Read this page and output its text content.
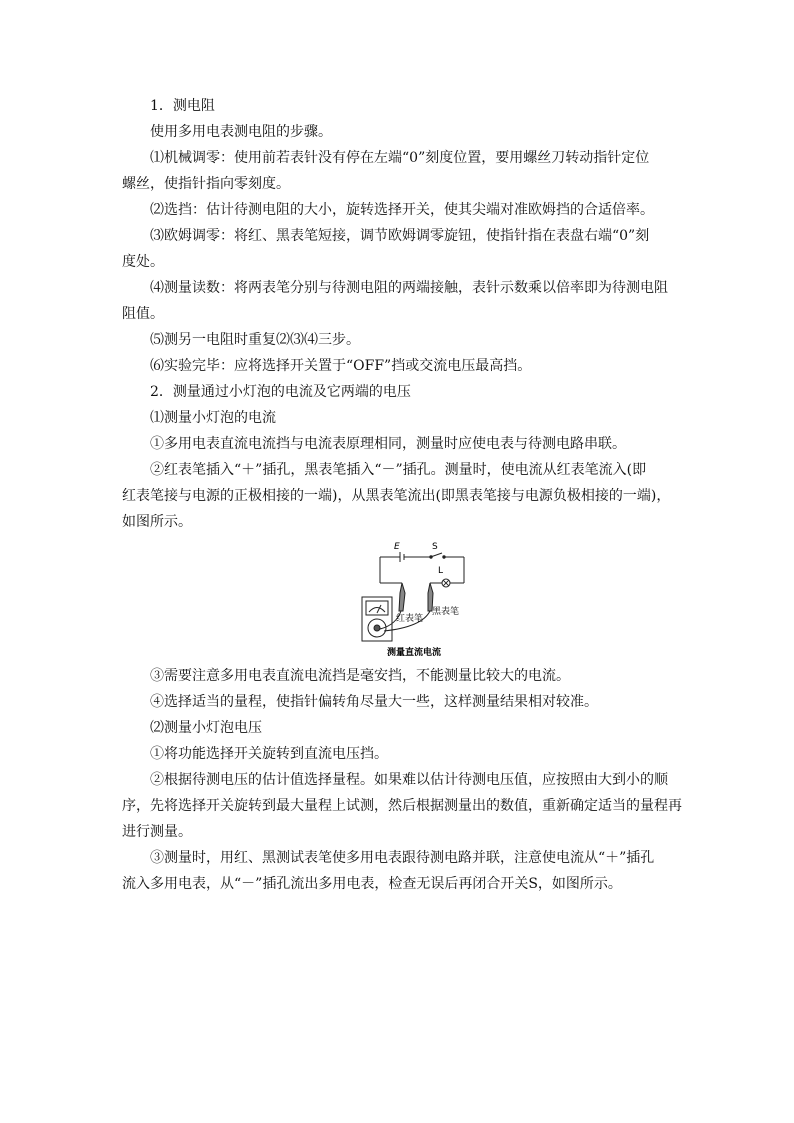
1．测电阻
使用多用电表测电阻的步骤。
⑴机械调零：使用前若表针没有停在左端“0”刻度位置，要用螺丝刀转动指针定位
螺丝，使指针指向零刻度。
⑵选挡：估计待测电阻的大小，旋转选择开关，使其尖端对准欧姆挡的合适倍率。
⑶欧姆调零：将红、黑表笔短接，调节欧姆调零旋钮，使指针指在表盘右端“0”刻
度处。
⑷测量读数：将两表笔分别与待测电阻的两端接触，表针示数乘以倍率即为待测电阻
阻值。
⑸测另一电阻时重复⑵⑶⑷三步。
⑹实验完毕：应将选择开关置于“OFF”挡或交流电压最高挡。
2．测量通过小灯泡的电流及它两端的电压
⑴测量小灯泡的电流
①多用电表直流电流挡与电流表原理相同，测量时应使电表与待测电路串联。
②红表笔插入“＋”插孔，黑表笔插入“－”插孔。测量时，使电流从红表笔流入(即
红表笔接与电源的正极相接的一端)，从黑表笔流出(即黑表笔接与电源负极相接的一端)，
如图所示。
E	S
L
红表笔
黑表笔
测量直流电流
③需要注意多用电表直流电流挡是毫安挡，不能测量比较大的电流。
④选择适当的量程，使指针偏转角尽量大一些，这样测量结果相对较准。
⑵测量小灯泡电压
①将功能选择开关旋转到直流电压挡。
②根据待测电压的估计值选择量程。如果难以估计待测电压值，应按照由大到小的顺
序，先将选择开关旋转到最大量程上试测，然后根据测量出的数值，重新确定适当的量程再
进行测量。
③测量时，用红、黑测试表笔使多用电表跟待测电路并联，注意使电流从“＋”插孔
流入多用电表，从“－”插孔流出多用电表，检查无误后再闭合开关S，如图所示。
